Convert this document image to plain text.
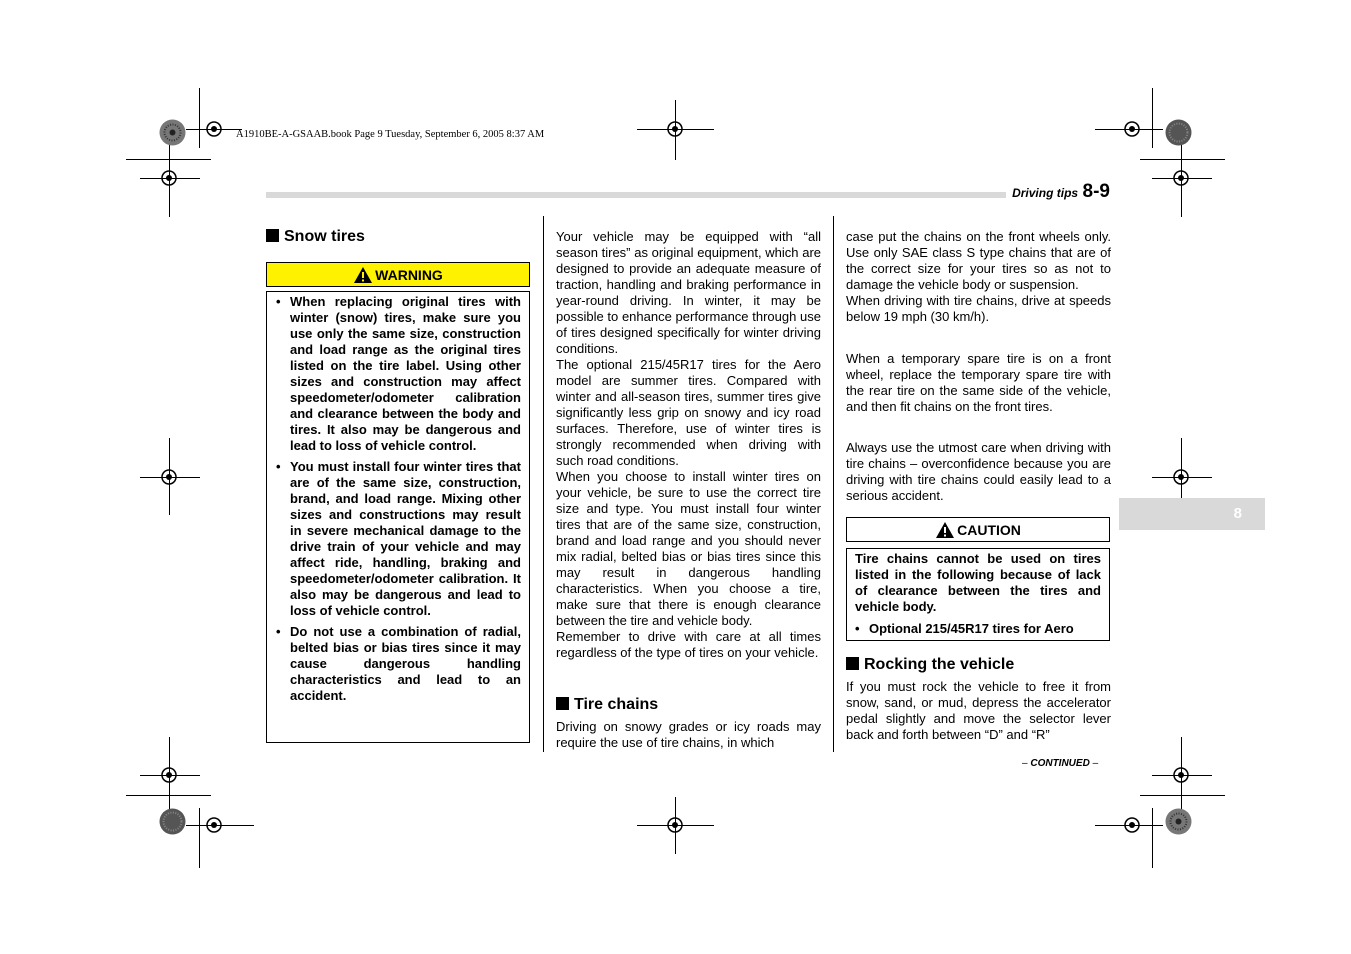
A1910BE-A-GSAAB.book Page 9 Tuesday, September 6, 2005 8:37 AM
Driving tips 8-9
8
Snow tires
WARNING
• When replacing original tires with winter (snow) tires, make sure you use only the same size, construction and load range as the original tires listed on the tire label. Using other sizes and construction may affect speedometer/odometer calibration and clearance between the body and tires. It also may be dangerous and lead to loss of vehicle control.
• You must install four winter tires that are of the same size, construction, brand, and load range. Mixing other sizes and constructions may result in severe mechanical damage to the drive train of your vehicle and may affect ride, handling, braking and speedometer/odometer calibration. It also may be dangerous and lead to loss of vehicle control.
• Do not use a combination of radial, belted bias or bias tires since it may cause dangerous handling characteristics and lead to an accident.

Your vehicle may be equipped with “all season tires” as original equipment, which are designed to provide an adequate measure of traction, handling and braking performance in year-round driving. In winter, it may be possible to enhance performance through use of tires designed specifically for winter driving conditions.

The optional 215/45R17 tires for the Aero model are summer tires. Compared with winter and all-season tires, summer tires give significantly less grip on snowy and icy road surfaces. Therefore, use of winter tires is strongly recommended when driving with such road conditions.

When you choose to install winter tires on your vehicle, be sure to use the correct tire size and type. You must install four winter tires that are of the same size, construction, brand and load range and you should never mix radial, belted bias or bias tires since this may result in dangerous handling characteristics. When you choose a tire, make sure that there is enough clearance between the tire and vehicle body.

Remember to drive with care at all times regardless of the type of tires on your vehicle.

Tire chains

Driving on snowy grades or icy roads may require the use of tire chains, in which

case put the chains on the front wheels only. Use only SAE class S type chains that are of the correct size for your tires so as not to damage the vehicle body or suspension.

When driving with tire chains, drive at speeds below 19 mph (30 km/h).

When a temporary spare tire is on a front wheel, replace the temporary spare tire with the rear tire on the same side of the vehicle, and then fit chains on the front tires.

Always use the utmost care when driving with tire chains – overconfidence because you are driving with tire chains could easily lead to a serious accident.

CAUTION
Tire chains cannot be used on tires listed in the following because of lack of clearance between the tires and vehicle body.
• Optional 215/45R17 tires for Aero
Rocking the vehicle

If you must rock the vehicle to free it from snow, sand, or mud, depress the accelerator pedal slightly and move the selector lever back and forth between “D” and “R”

– CONTINUED –
